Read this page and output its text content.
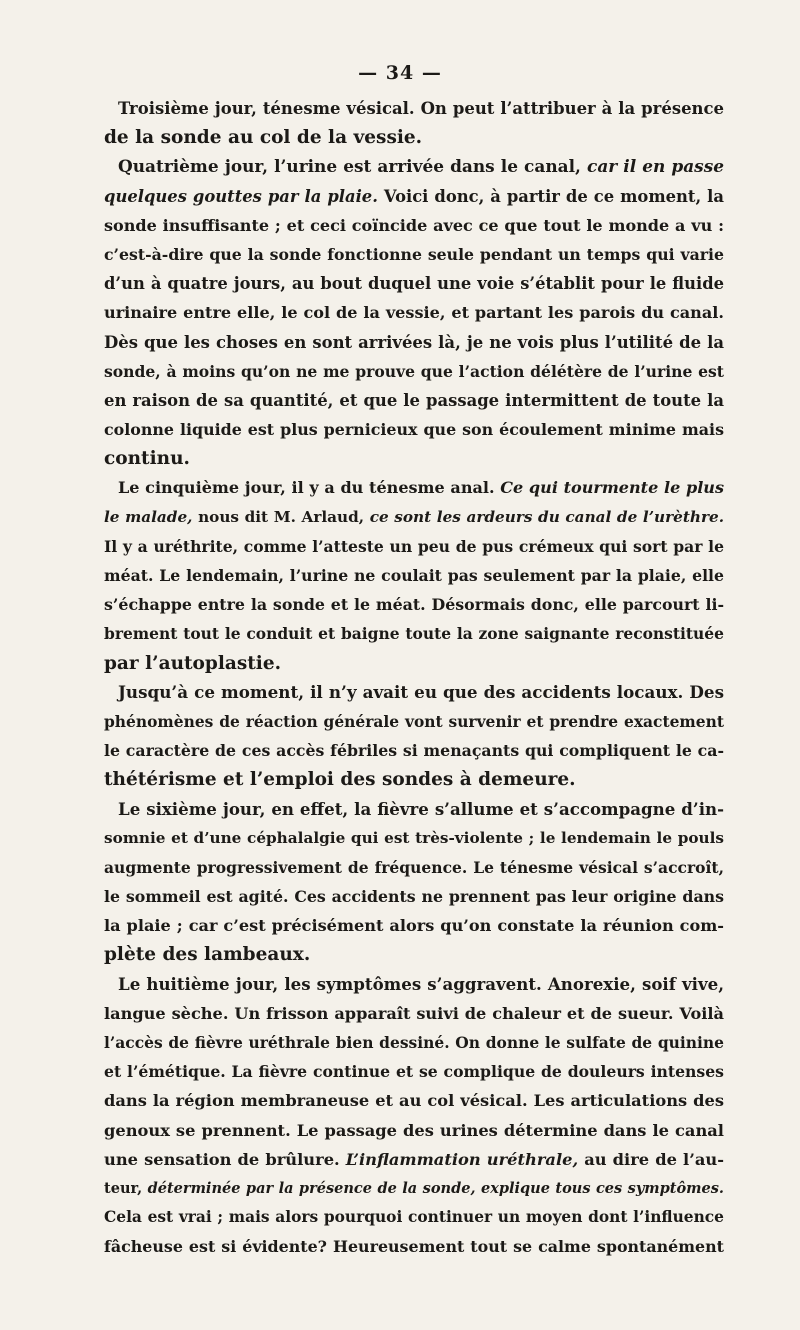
— 34 —
Troisième jour, ténesme vésical. On peut l’attribuer à la présence
de la sonde au col de la vessie.
Quatrième jour, l’urine est arrivée dans le canal, car il en passe
quelques gouttes par la plaie. Voici donc, à partir de ce moment, la
sonde insuffisante ; et ceci coïncide avec ce que tout le monde a vu :
c’est-à-dire que la sonde fonctionne seule pendant un temps qui varie
d’un à quatre jours, au bout duquel une voie s’établit pour le fluide
urinaire entre elle, le col de la vessie, et partant les parois du canal.
Dès que les choses en sont arrivées là, je ne vois plus l’utilité de la
sonde, à moins qu’on ne me prouve que l’action délétère de l’urine est
en raison de sa quantité, et que le passage intermittent de toute la
colonne liquide est plus pernicieux que son écoulement minime mais
continu.
Le cinquième jour, il y a du ténesme anal. Ce qui tourmente le plus
le malade, nous dit M. Arlaud, ce sont les ardeurs du canal de l’urèthre.
Il y a uréthrite, comme l’atteste un peu de pus crémeux qui sort par le
méat. Le lendemain, l’urine ne coulait pas seulement par la plaie, elle
s’échappe entre la sonde et le méat. Désormais donc, elle parcourt li-
brement tout le conduit et baigne toute la zone saignante reconstituée
par l’autoplastie.
Jusqu’à ce moment, il n’y avait eu que des accidents locaux. Des
phénomènes de réaction générale vont survenir et prendre exactement
le caractère de ces accès fébriles si menaçants qui compliquent le ca-
thétérisme et l’emploi des sondes à demeure.
Le sixième jour, en effet, la fièvre s’allume et s’accompagne d’in-
somnie et d’une céphalalgie qui est très-violente ; le lendemain le pouls
augmente progressivement de fréquence. Le ténesme vésical s’accroît,
le sommeil est agité. Ces accidents ne prennent pas leur origine dans
la plaie ; car c’est précisément alors qu’on constate la réunion com-
plète des lambeaux.
Le huitième jour, les symptômes s’aggravent. Anorexie, soif vive,
langue sèche. Un frisson apparaît suivi de chaleur et de sueur. Voilà
l’accès de fièvre uréthrale bien dessiné. On donne le sulfate de quinine
et l’émétique. La fièvre continue et se complique de douleurs intenses
dans la région membraneuse et au col vésical. Les articulations des
genoux se prennent. Le passage des urines détermine dans le canal
une sensation de brûlure. L’inflammation uréthrale, au dire de l’au-
teur, déterminée par la présence de la sonde, explique tous ces symptômes.
Cela est vrai ; mais alors pourquoi continuer un moyen dont l’influence
fâcheuse est si évidente? Heureusement tout se calme spontanément
